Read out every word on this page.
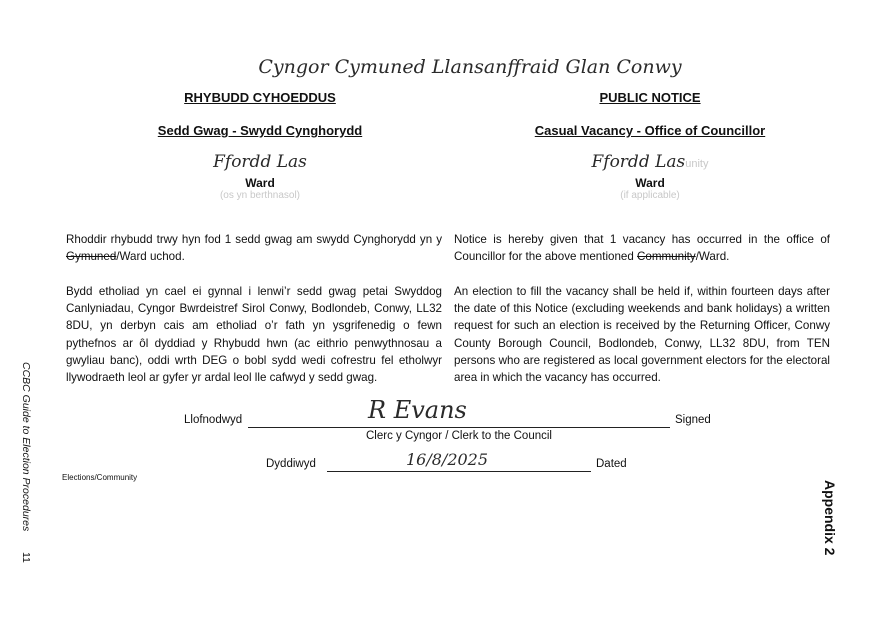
Cyngor Cymuned Llansanffraid Glan Conwy
RHYBUDD CYHOEDDUS
Sedd Gwag - Swydd Cynghorydd
Ffordd Las
Ward
(os yn berthnasol)
PUBLIC NOTICE
Casual Vacancy - Office of Councillor
Ffordd Lasunity
Ward
(if applicable)
Rhoddir rhybudd trwy hyn fod 1 sedd gwag am swydd Cynghorydd yn y Gymuned/Ward uchod.
Bydd etholiad yn cael ei gynnal i lenwi’r sedd gwag petai Swyddog Canlyniadau, Cyngor Bwrdeistref Sirol Conwy, Bodlondeb, Conwy, LL32 8DU, yn derbyn cais am etholiad o’r fath yn ysgrifenedig o fewn pythefnos ar ôl dyddiad y Rhybudd hwn (ac eithrio penwythnosau a gwyliau banc), oddi wrth DEG o bobl sydd wedi cofrestru fel etholwyr llywodraeth leol ar gyfer yr ardal leol lle cafwyd y sedd gwag.
Notice is hereby given that 1 vacancy has occurred in the office of Councillor for the above mentioned Community/Ward.
An election to fill the vacancy shall be held if, within fourteen days after the date of this Notice (excluding weekends and bank holidays) a written request for such an election is received by the Returning Officer, Conwy County Borough Council, Bodlondeb, Conwy, LL32 8DU, from TEN persons who are registered as local government electors for the electoral area in which the vacancy has occurred.
Llofnodwyd	R Evans	Signed
Clerc y Cyngor / Clerk to the Council
Dyddiwyd	16/8/2025	Dated
Elections/Community
CCBC Guide to Election Procedures
11
Appendix 2
